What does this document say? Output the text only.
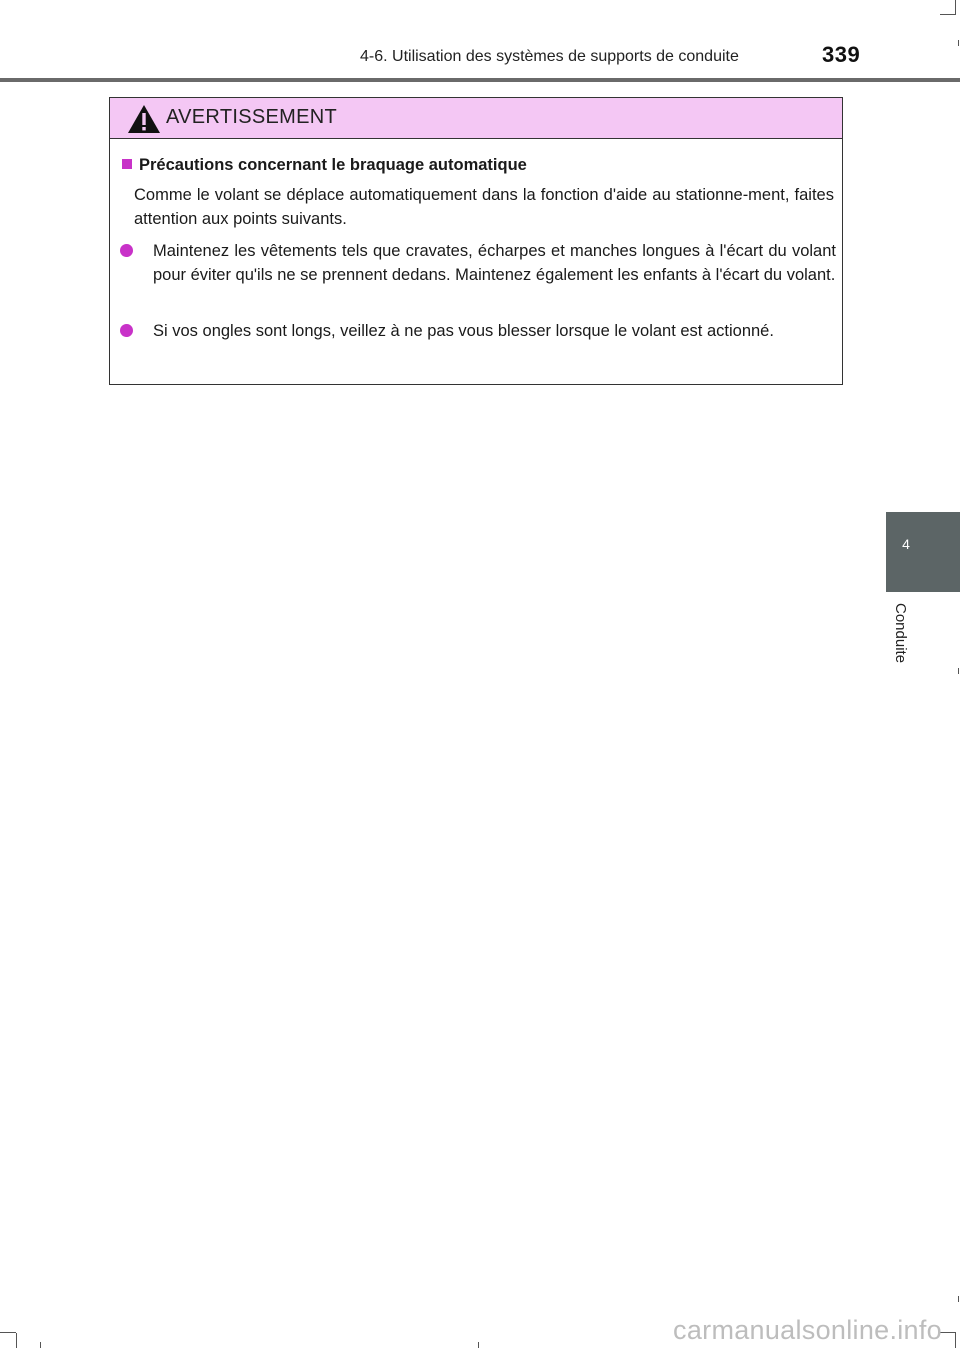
4-6. Utilisation des systèmes de supports de conduite	339
AVERTISSEMENT
Précautions concernant le braquage automatique
Comme le volant se déplace automatiquement dans la fonction d'aide au stationne-ment, faites attention aux points suivants.
Maintenez les vêtements tels que cravates, écharpes et manches longues à l'écart du volant pour éviter qu'ils ne se prennent dedans. Maintenez également les enfants à l'écart du volant.
Si vos ongles sont longs, veillez à ne pas vous blesser lorsque le volant est actionné.
4
Conduite
carmanualsonline.info
